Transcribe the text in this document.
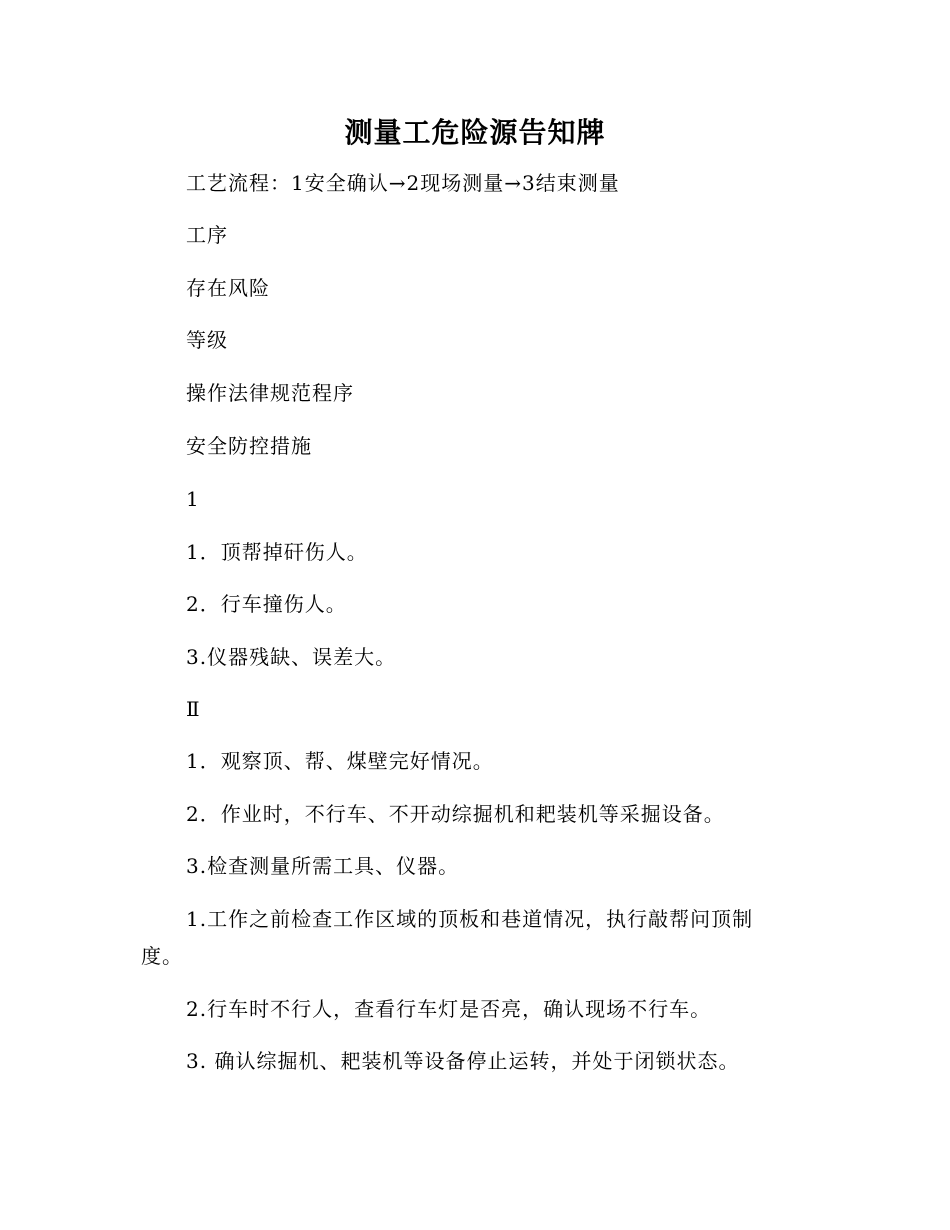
测量工危险源告知牌
工艺流程：1安全确认→2现场测量→3结束测量
工序
存在风险
等级
操作法律规范程序
安全防控措施
1
1．顶帮掉矸伤人。
2．行车撞伤人。
3.仪器残缺、误差大。
Ⅱ
1．观察顶、帮、煤壁完好情况。
2．作业时，不行车、不开动综掘机和耙装机等采掘设备。
3.检查测量所需工具、仪器。
1.工作之前检查工作区域的顶板和巷道情况，执行敲帮问顶制度。
2.行车时不行人，查看行车灯是否亮，确认现场不行车。
3. 确认综掘机、耙装机等设备停止运转，并处于闭锁状态。
